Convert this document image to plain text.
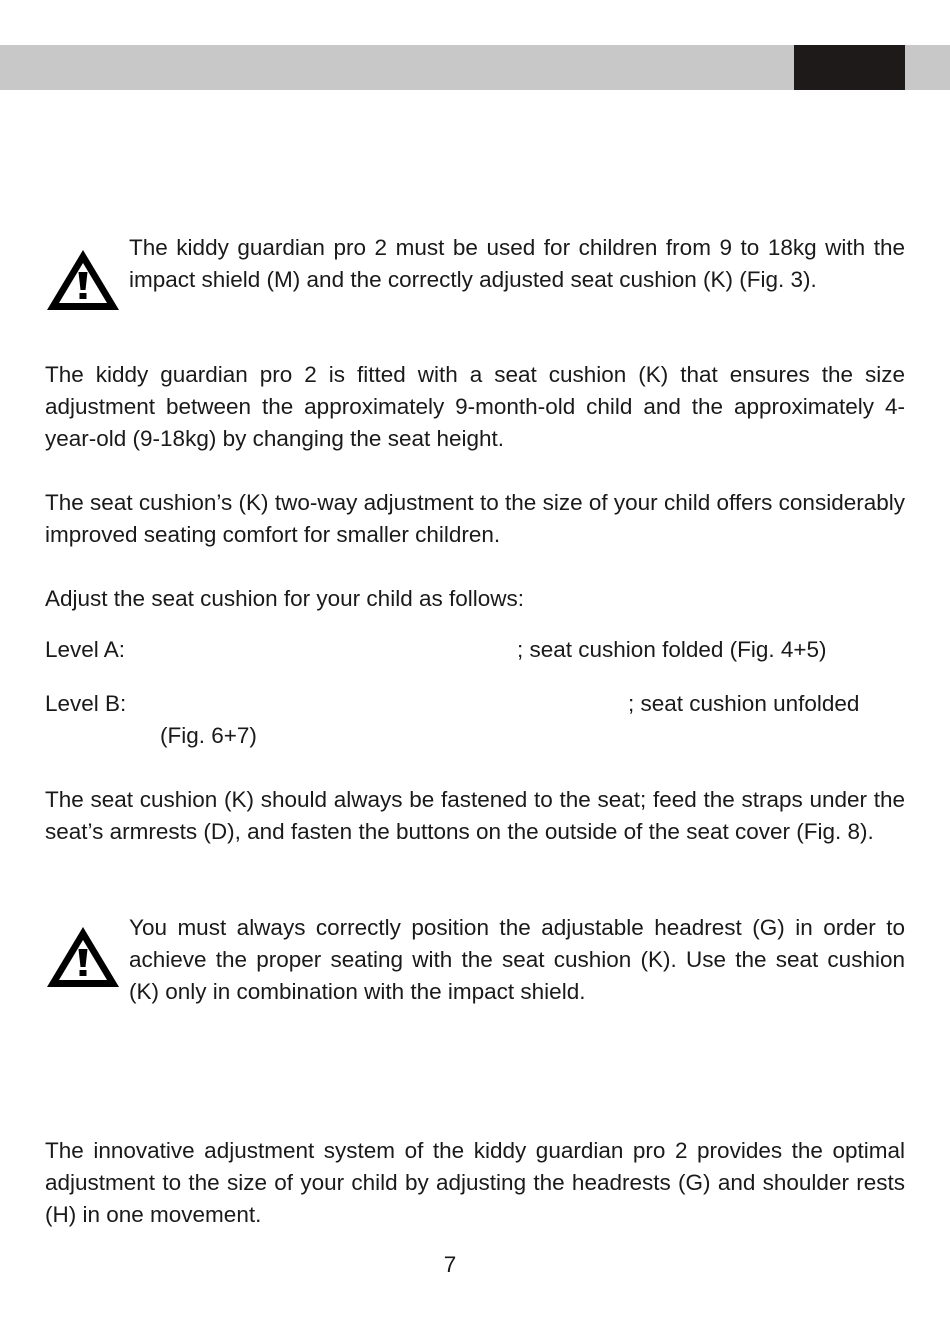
The kiddy guardian pro 2 must be used for children from 9 to 18kg with the impact shield (M) and the correctly adjusted seat cushion (K) (Fig. 3).

The kiddy guardian pro 2 is fitted with a seat cushion (K) that ensures the size adjustment between the approximately 9-month-old child and the approximately 4-year-old (9-18kg) by changing the seat height.

The seat cushion’s (K) two-way adjustment to the size of your child offers considerably improved seating comfort for smaller children.

Adjust the seat cushion for your child as follows:

Level A:	; seat cushion folded (Fig. 4+5)

Level B:	; seat cushion unfolded

(Fig. 6+7)

The seat cushion (K) should always be fastened to the seat; feed the straps under the seat’s armrests (D), and fasten the buttons on the outside of the seat cover (Fig. 8).

You must always correctly position the adjustable headrest (G) in order to achieve the proper seating with the seat cushion (K). Use the seat cushion (K) only in combination with the impact shield.

The innovative adjustment system of the kiddy guardian pro 2 provides the optimal adjustment to the size of your child by adjusting the headrests (G) and shoulder rests (H) in one movement.

7
